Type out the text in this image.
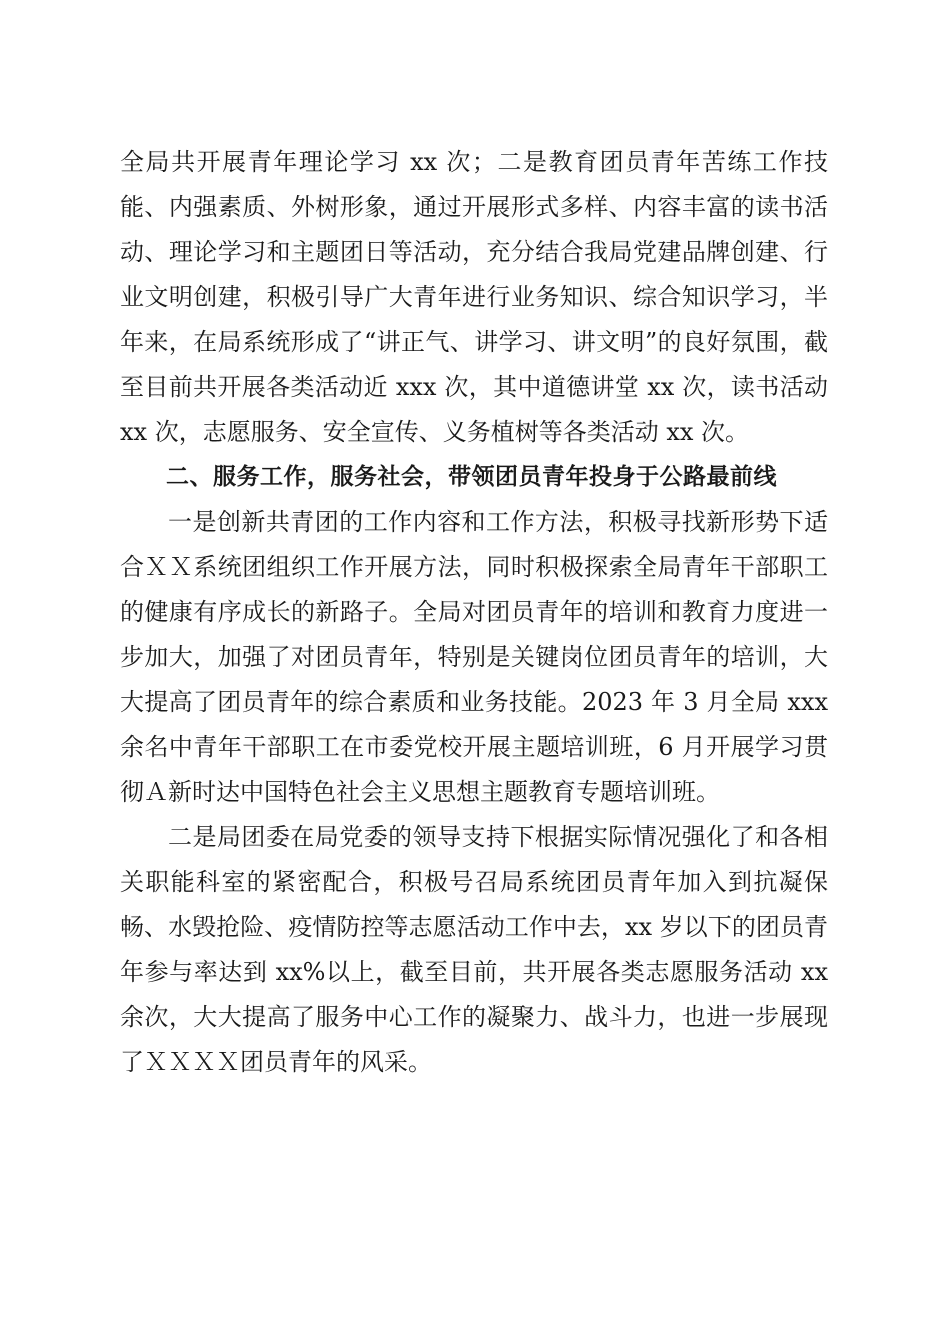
全局共开展青年理论学习 xx 次；二是教育团员青年苦练工作技能、内强素质、外树形象，通过开展形式多样、内容丰富的读书活动、理论学习和主题团日等活动，充分结合我局党建品牌创建、行业文明创建，积极引导广大青年进行业务知识、综合知识学习，半年来，在局系统形成了“讲正气、讲学习、讲文明”的良好氛围，截至目前共开展各类活动近 xxx 次，其中道德讲堂 xx 次，读书活动 xx 次，志愿服务、安全宣传、义务植树等各类活动 xx 次。

二、服务工作，服务社会，带领团员青年投身于公路最前线

一是创新共青团的工作内容和工作方法，积极寻找新形势下适合ＸＸ系统团组织工作开展方法，同时积极探索全局青年干部职工的健康有序成长的新路子。全局对团员青年的培训和教育力度进一步加大，加强了对团员青年，特别是关键岗位团员青年的培训，大大提高了团员青年的综合素质和业务技能。2023 年 3 月全局 xxx 余名中青年干部职工在市委党校开展主题培训班，6 月开展学习贯彻Ａ新时达中国特色社会主义思想主题教育专题培训班。

二是局团委在局党委的领导支持下根据实际情况强化了和各相关职能科室的紧密配合，积极号召局系统团员青年加入到抗凝保畅、水毁抢险、疫情防控等志愿活动工作中去，xx 岁以下的团员青年参与率达到 xx%以上，截至目前，共开展各类志愿服务活动 xx 余次，大大提高了服务中心工作的凝聚力、战斗力，也进一步展现了ＸＸＸＸ团员青年的风采。
